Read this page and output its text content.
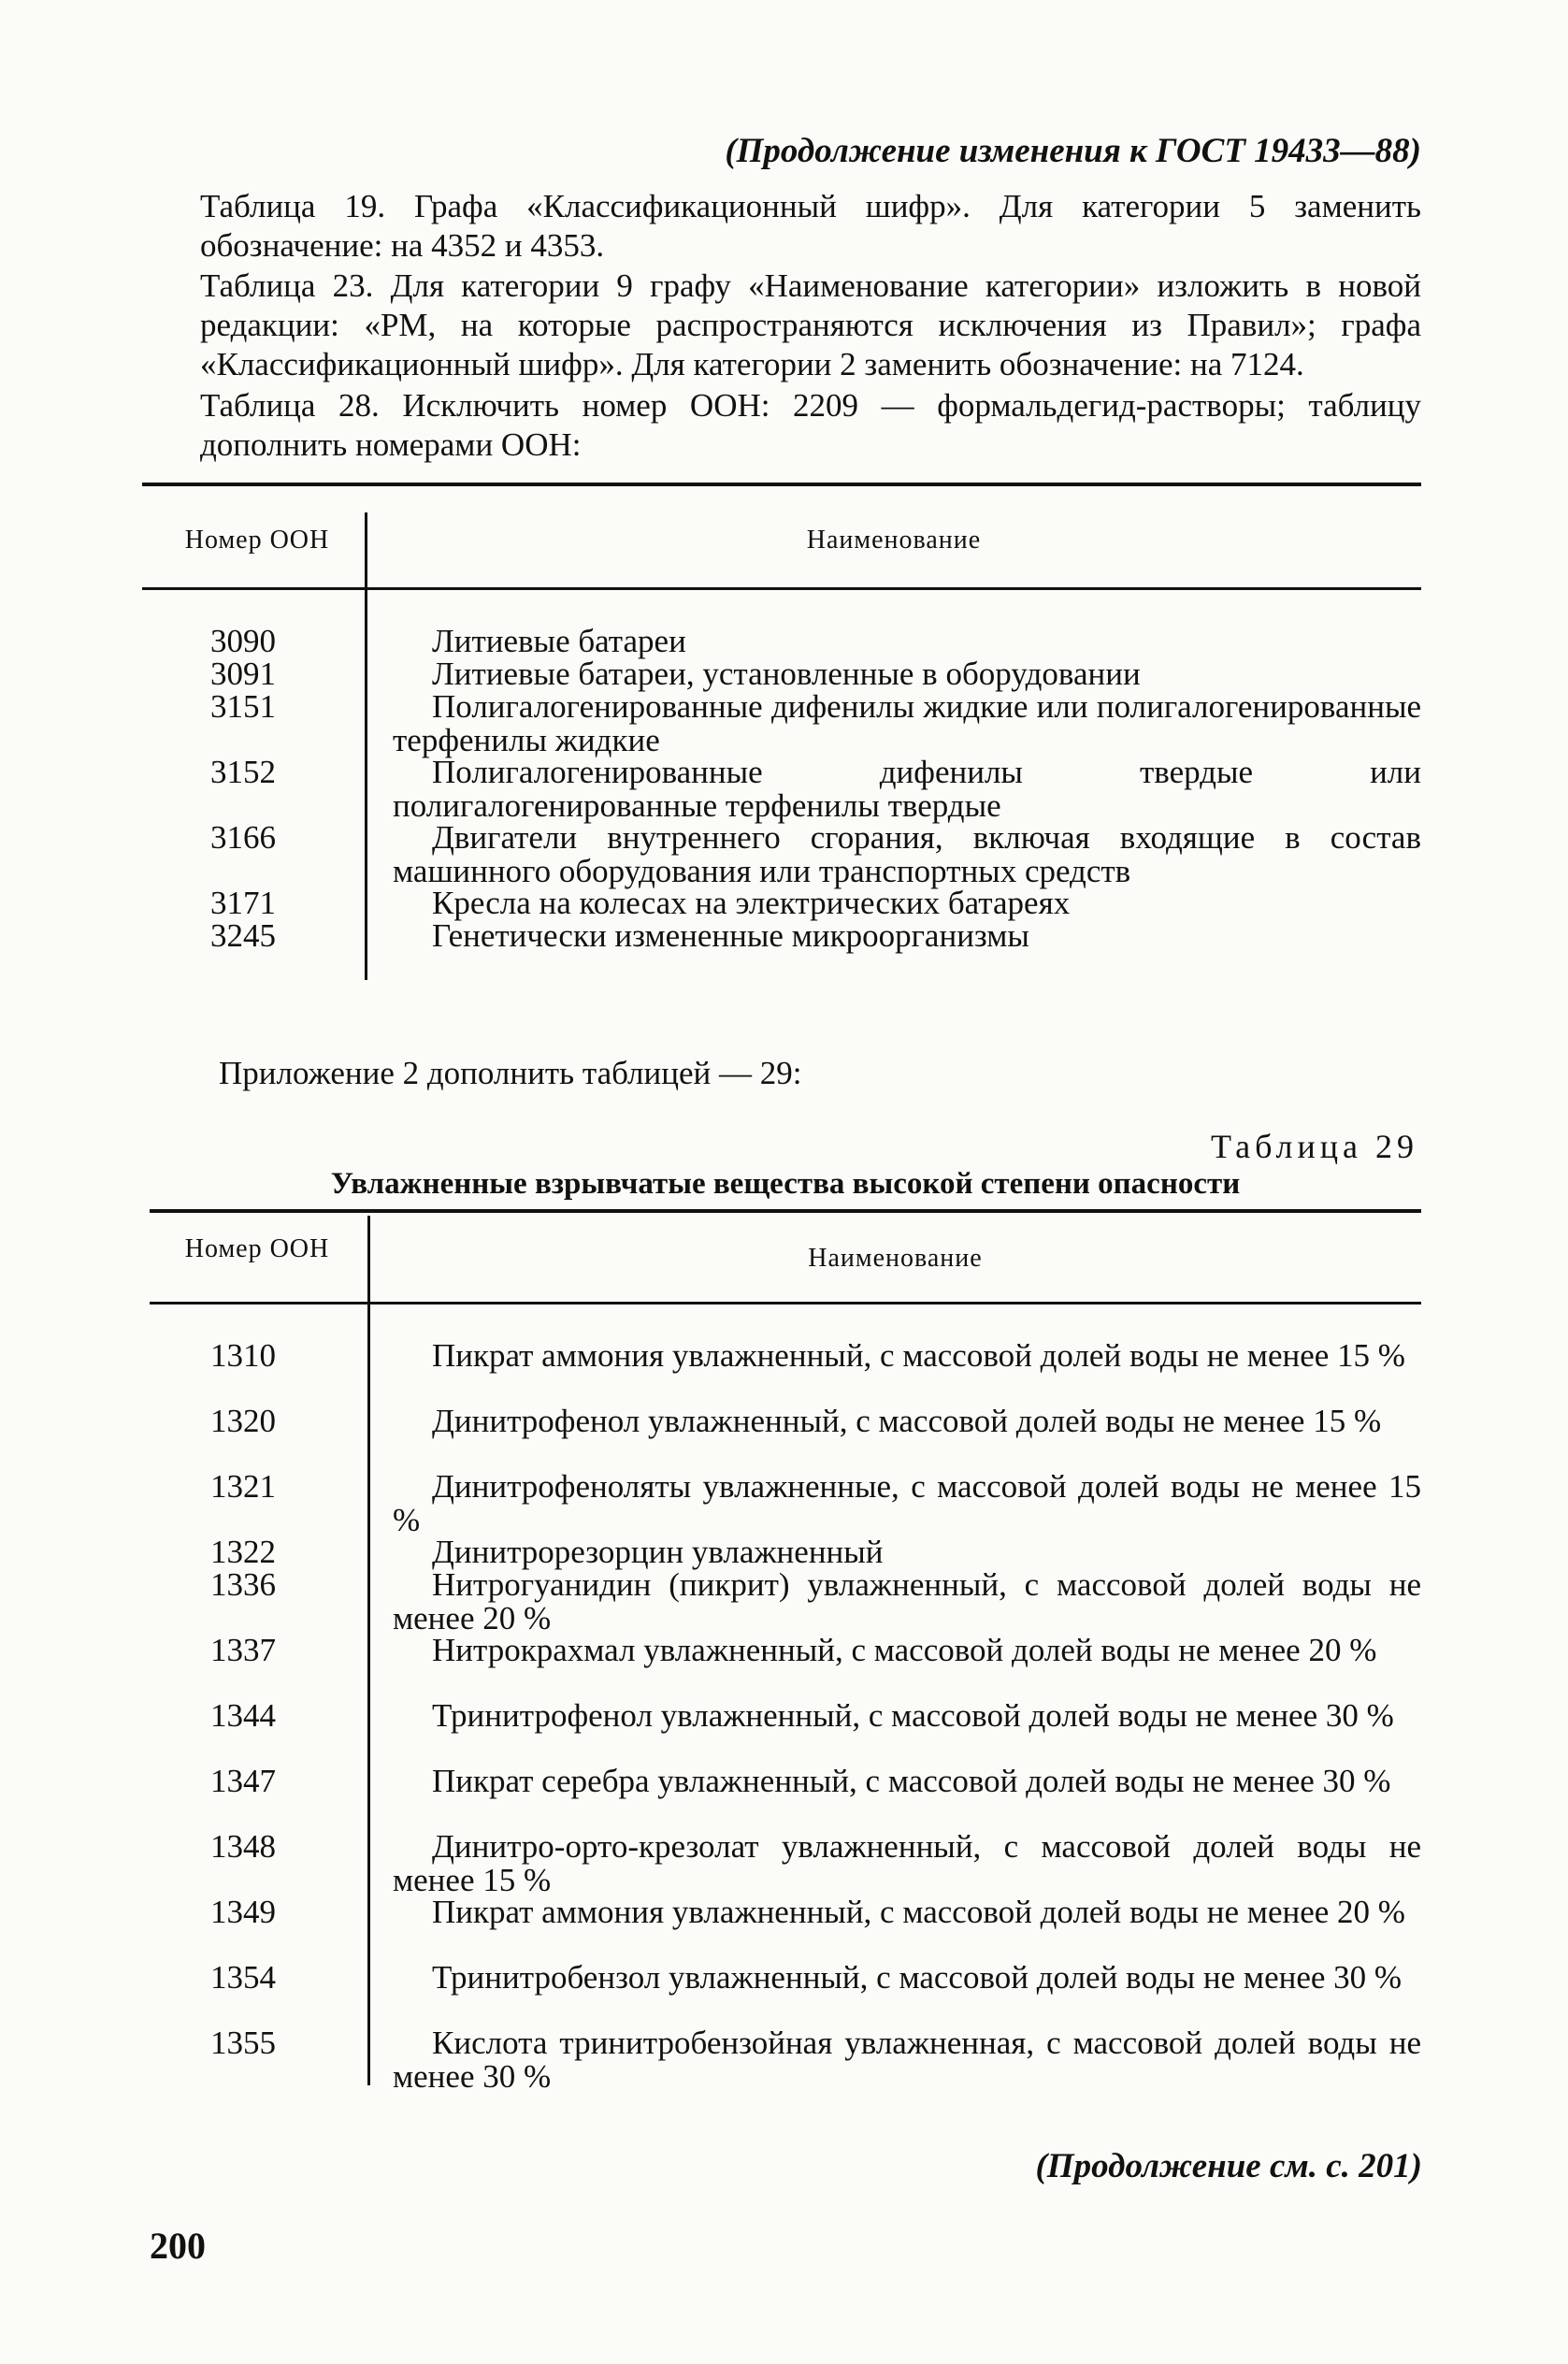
(Продолжение изменения к ГОСТ 19433—88)
Таблица 19. Графа «Классификационный шифр». Для категории 5 заменить обозначение: на 4352 и 4353.
Таблица 23. Для категории 9 графу «Наименование категории» изложить в новой редакции: «РМ, на которые распространяются исключения из Правил»; графа «Классификационный шифр». Для категории 2 заменить обозначение: на 7124.
Таблица 28. Исключить номер ООН: 2209 — формальдегид-растворы; таблицу дополнить номерами ООН:
Номер ООН	Наименование
3090	Литиевые батареи
3091	Литиевые батареи, установленные в оборудовании
3151	Полигалогенированные дифенилы жидкие или полигалогенированные терфенилы жидкие
3152	Полигалогенированные дифенилы твердые или полигалогенированные терфенилы твердые
3166	Двигатели внутреннего сгорания, включая входящие в состав машинного оборудования или транспортных средств
3171	Кресла на колесах на электрических батареях
3245	Генетически измененные микроорганизмы
Приложение 2 дополнить таблицей — 29:
Таблица 29
Увлажненные взрывчатые вещества высокой степени опасности
Номер ООН	Наименование
1310	Пикрат аммония увлажненный, с массовой долей воды не менее 15 %
1320	Динитрофенол увлажненный, с массовой долей воды не менее 15 %
1321	Динитрофеноляты увлажненные, с массовой долей воды не менее 15 %
1322	Динитрорезорцин увлажненный
1336	Нитрогуанидин (пикрит) увлажненный, с массовой долей воды не менее 20 %
1337	Нитрокрахмал увлажненный, с массовой долей воды не менее 20 %
1344	Тринитрофенол увлажненный, с массовой долей воды не менее 30 %
1347	Пикрат серебра увлажненный, с массовой долей воды не менее 30 %
1348	Динитро-орто-крезолат увлажненный, с массовой долей воды не менее 15 %
1349	Пикрат аммония увлажненный, с массовой долей воды не менее 20 %
1354	Тринитробензол увлажненный, с массовой долей воды не менее 30 %
1355	Кислота тринитробензойная увлажненная, с массовой долей воды не менее 30 %
(Продолжение см. с. 201)
200
